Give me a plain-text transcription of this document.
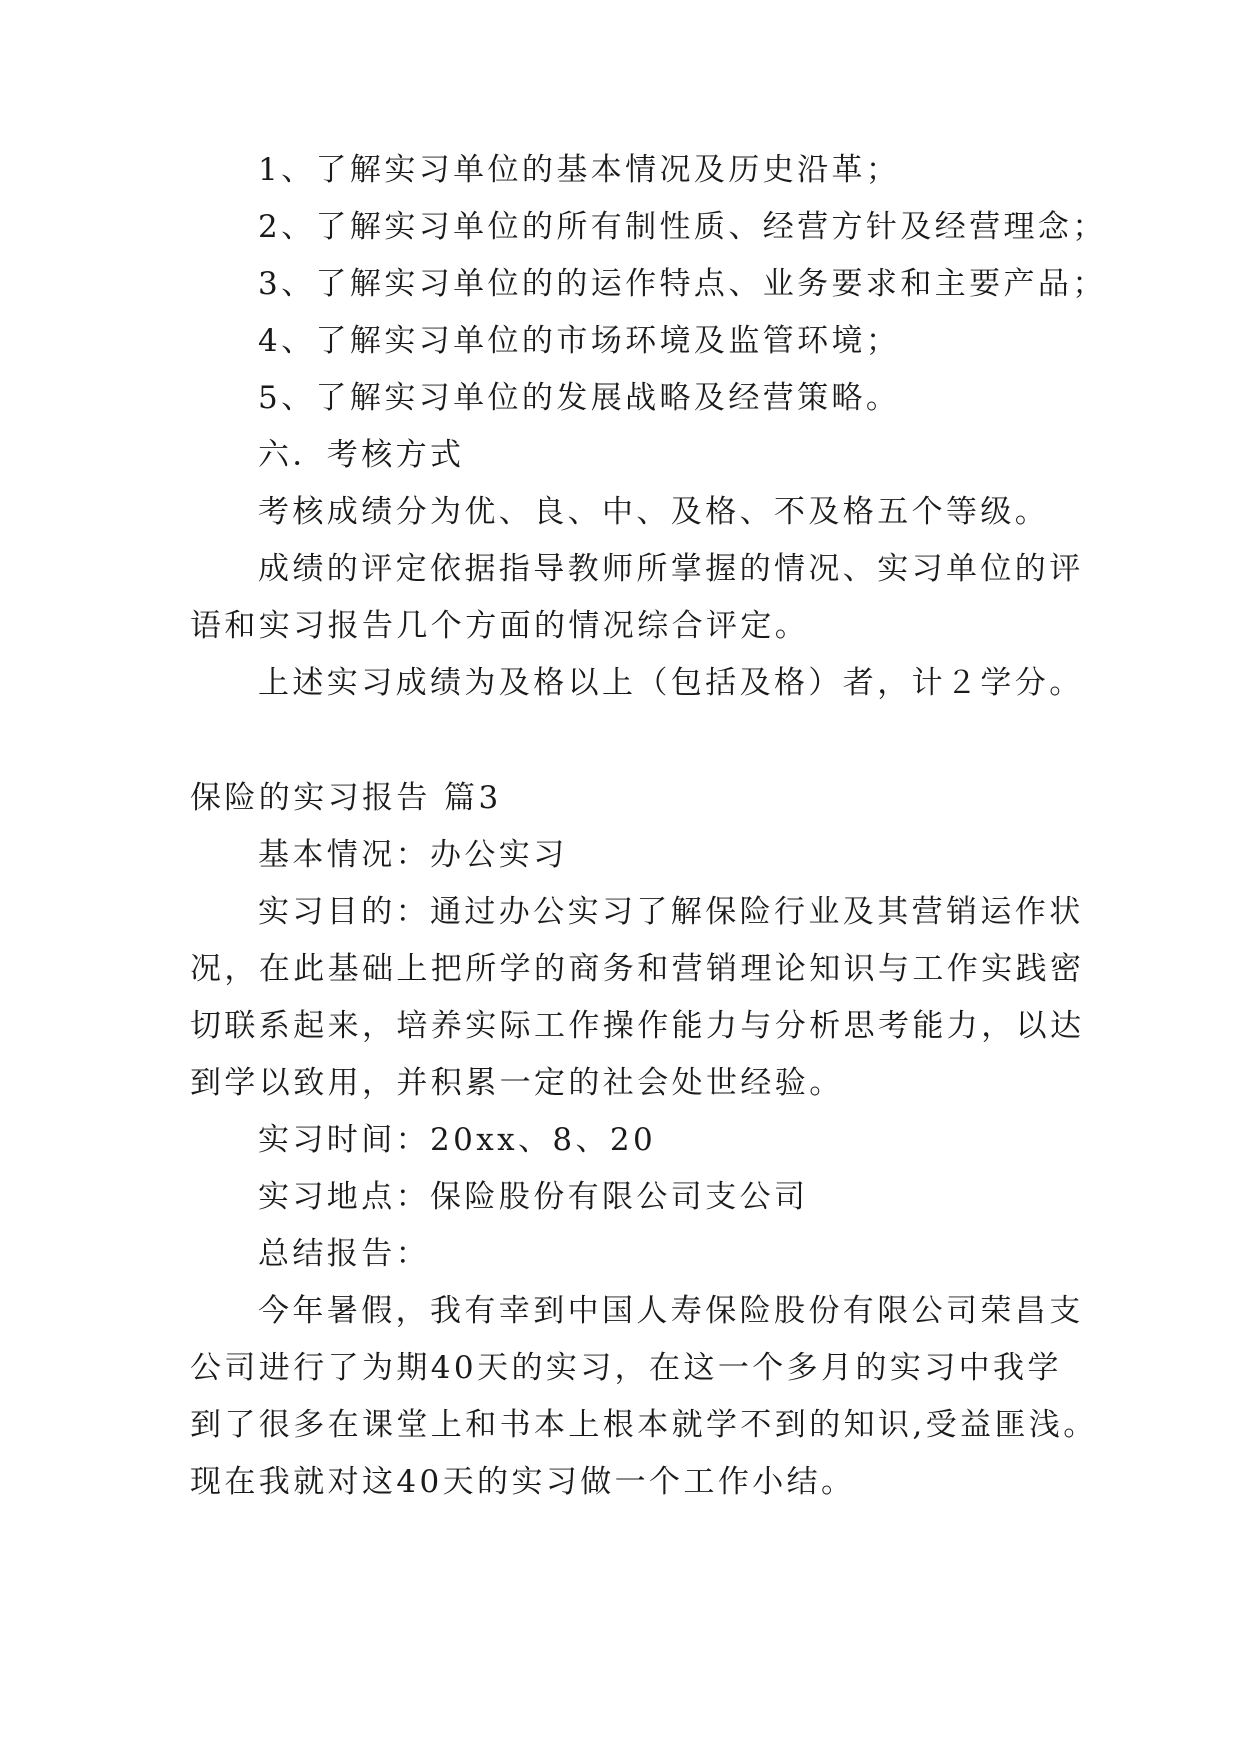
1、了解实习单位的基本情况及历史沿革；
2、了解实习单位的所有制性质、经营方针及经营理念；
3、了解实习单位的的运作特点、业务要求和主要产品；
4、了解实习单位的市场环境及监管环境；
5、了解实习单位的发展战略及经营策略。
六．考核方式
考核成绩分为优、良、中、及格、不及格五个等级。
成绩的评定依据指导教师所掌握的情况、实习单位的评
语和实习报告几个方面的情况综合评定。
上述实习成绩为及格以上（包括及格）者，计２学分。
保险的实习报告 篇3
基本情况：办公实习
实习目的：通过办公实习了解保险行业及其营销运作状
况，在此基础上把所学的商务和营销理论知识与工作实践密
切联系起来，培养实际工作操作能力与分析思考能力，以达
到学以致用，并积累一定的社会处世经验。
实习时间：20xx、8、20
实习地点：保险股份有限公司支公司
总结报告：
今年暑假，我有幸到中国人寿保险股份有限公司荣昌支
公司进行了为期40天的实习，在这一个多月的实习中我学
到了很多在课堂上和书本上根本就学不到的知识,受益匪浅。
现在我就对这40天的实习做一个工作小结。
